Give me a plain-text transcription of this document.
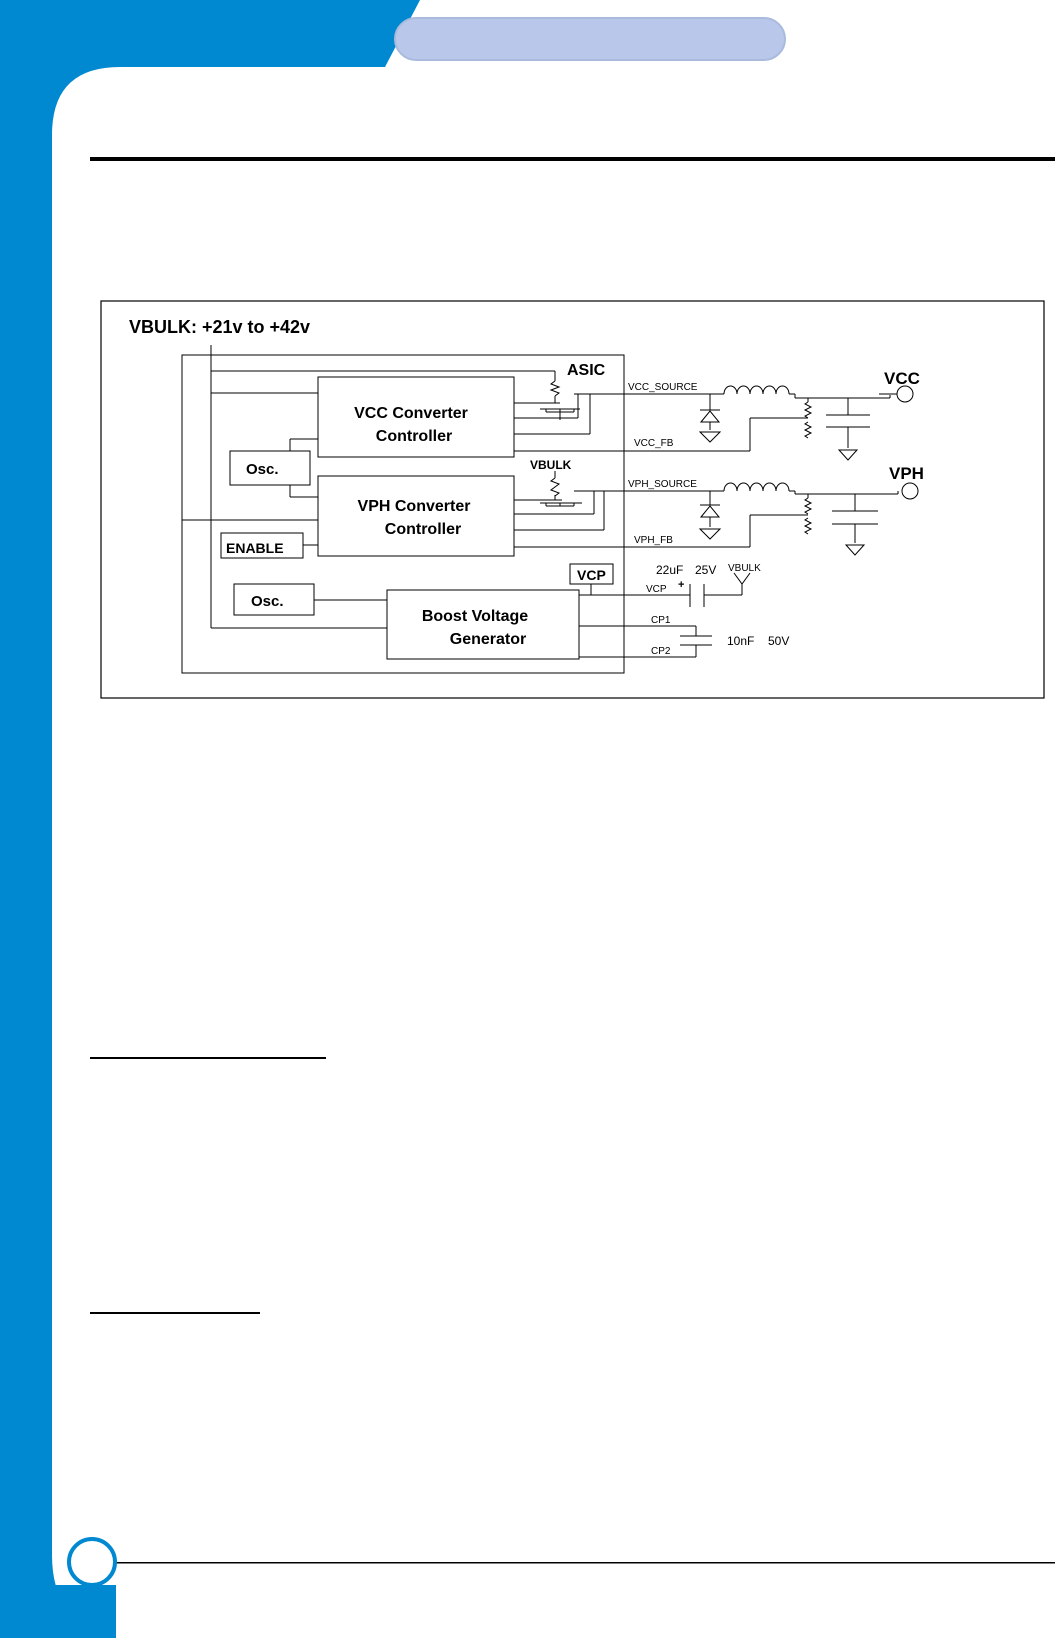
VBULK: +21v to +42v
ASIC
VCC Converter
Controller
VPH Converter
Controller
Osc.
ENABLE
Osc.
Boost Voltage
Generator
VBULK
VCP
VCC_SOURCE
VCC_FB
VPH_SOURCE
VPH_FB
VCC
VPH
22uF 25V VBULK
VCP +
CP1
CP2
10nF 50V
